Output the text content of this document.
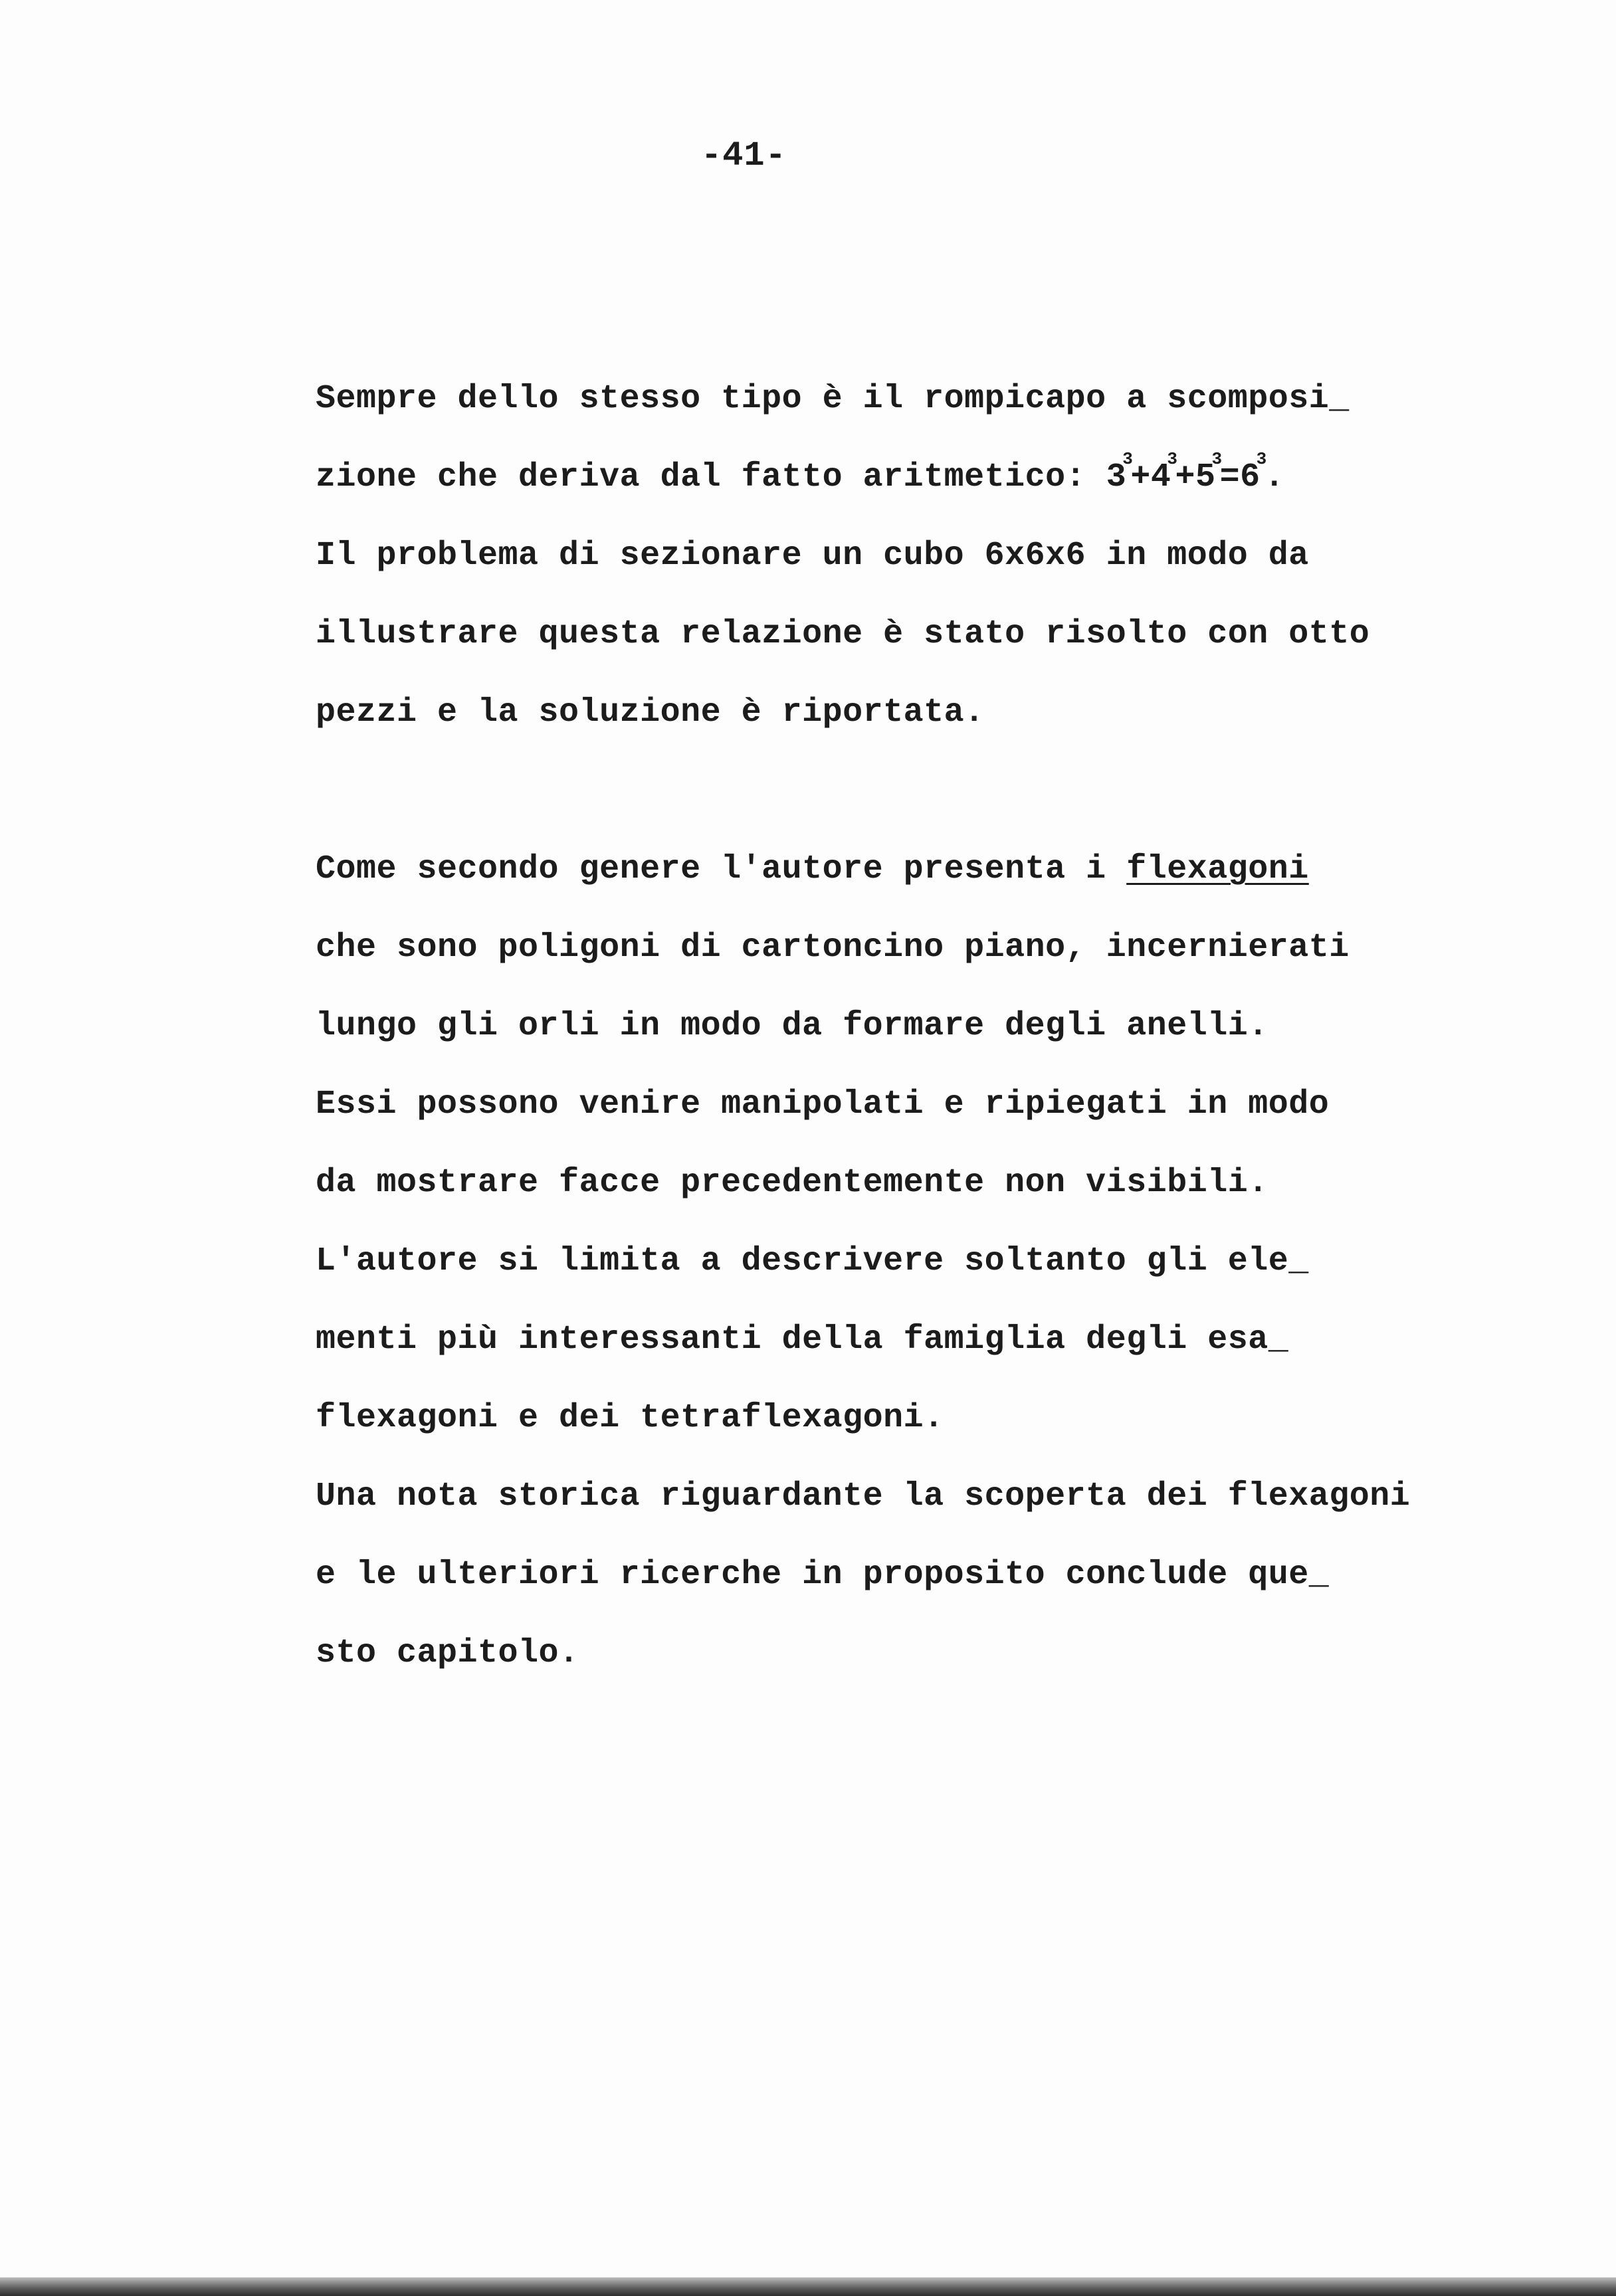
-41-
Sempre dello stesso tipo è il rompicapo a scomposi_
zione che deriva dal fatto aritmetico: $3^3+4^3+5^3=6^3$.
Il problema di sezionare un cubo 6x6x6 in modo da
illustrare questa relazione è stato risolto con otto
pezzi e la soluzione è riportata.
Come secondo genere l'autore presenta i flexagoni
che sono poligoni di cartoncino piano, incernierati
lungo gli orli in modo da formare degli anelli.
Essi possono venire manipolati e ripiegati in modo
da mostrare facce precedentemente non visibili.
L'autore si limita a descrivere soltanto gli ele_
menti più interessanti della famiglia degli esa_
flexagoni e dei tetraflexagoni.
Una nota storica riguardante la scoperta dei flexagoni
e le ulteriori ricerche in proposito conclude que_
sto capitolo.
